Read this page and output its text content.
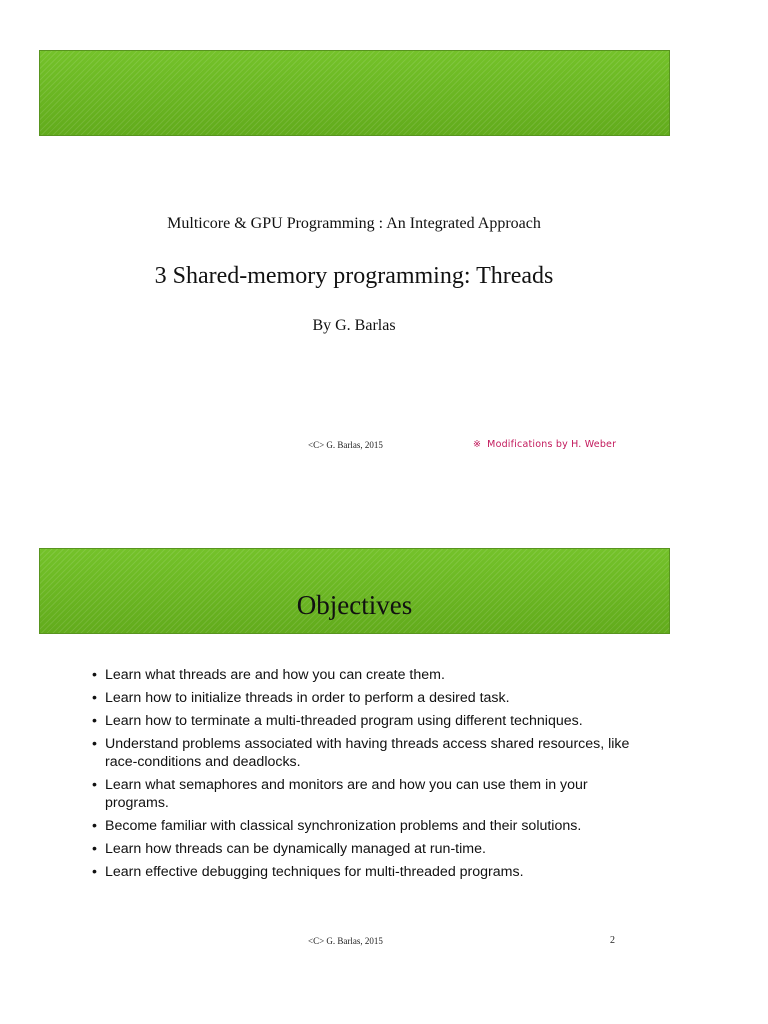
Multicore & GPU Programming : An Integrated Approach
3 Shared-memory programming: Threads
By G. Barlas
<C> G. Barlas, 2015	※ Modifications by H. Weber
Objectives
• Learn what threads are and how you can create them.
• Learn how to initialize threads in order to perform a desired task.
• Learn how to terminate a multi-threaded program using different techniques.
• Understand problems associated with having threads access shared resources, like race-conditions and deadlocks.
• Learn what semaphores and monitors are and how you can use them in your programs.
• Become familiar with classical synchronization problems and their solutions.
• Learn how threads can be dynamically managed at run-time.
• Learn effective debugging techniques for multi-threaded programs.
<C> G. Barlas, 2015	2
